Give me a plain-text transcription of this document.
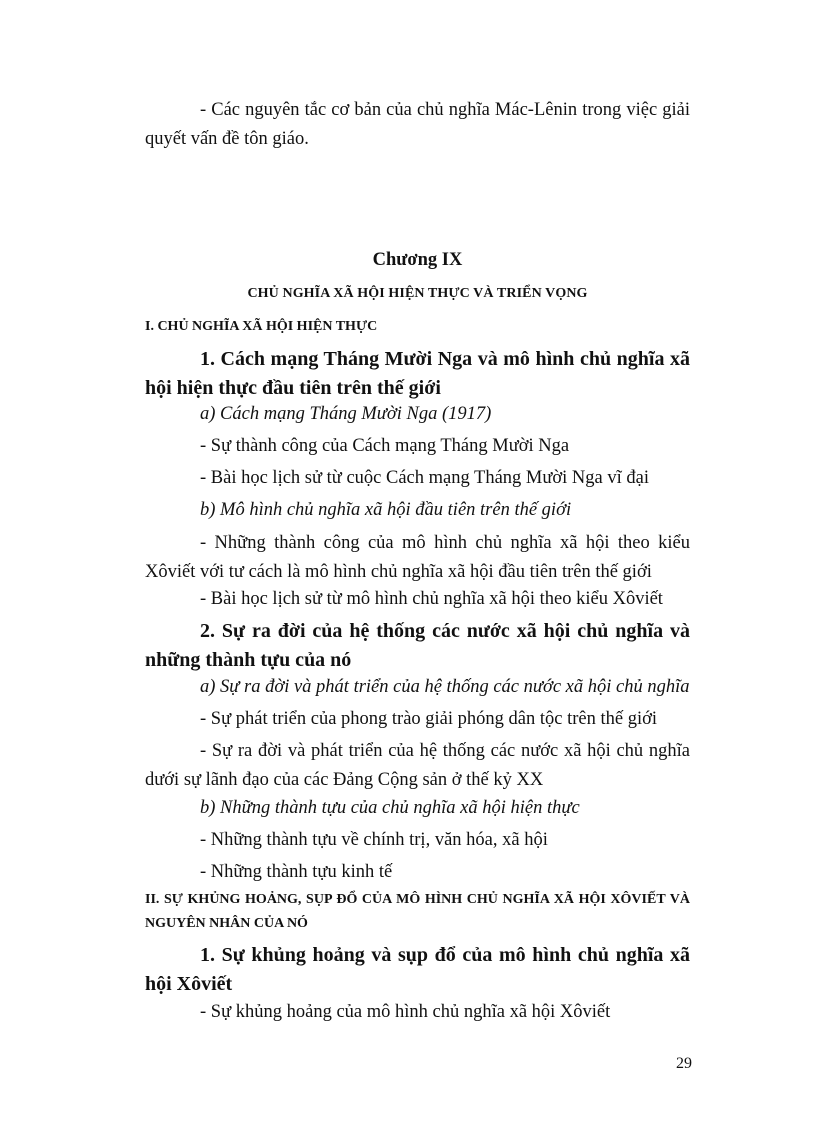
- Các nguyên tắc cơ bản của chủ nghĩa Mác-Lênin trong việc giải quyết vấn đề tôn giáo.
Chương IX
CHỦ NGHĨA XÃ HỘI HIỆN THỰC VÀ TRIỂN VỌNG
I. CHỦ NGHĨA XÃ HỘI HIỆN THỰC
1. Cách mạng Tháng Mười Nga và mô hình chủ nghĩa xã hội hiện thực đầu tiên trên thế giới
a) Cách mạng Tháng Mười Nga (1917)
- Sự thành công của Cách mạng Tháng Mười Nga
- Bài học lịch sử từ cuộc Cách mạng Tháng Mười Nga vĩ đại
b) Mô hình chủ nghĩa xã hội đầu tiên trên thế giới
- Những thành công của mô hình chủ nghĩa xã hội theo kiểu Xôviết với tư cách là mô hình chủ nghĩa xã hội đầu tiên trên thế giới
- Bài học lịch sử từ mô hình chủ nghĩa xã hội theo kiểu Xôviết
2. Sự ra đời của hệ thống các nước xã hội chủ nghĩa và những thành tựu của nó
a) Sự ra đời và phát triển của hệ thống các nước xã hội chủ nghĩa
- Sự phát triển của phong trào giải phóng dân tộc trên thế giới
- Sự ra đời và phát triển của hệ thống các nước xã hội chủ nghĩa dưới sự lãnh đạo của các Đảng Cộng sản ở thế kỷ XX
b) Những thành tựu của chủ nghĩa xã hội hiện thực
- Những thành tựu về chính trị, văn hóa, xã hội
- Những thành tựu kinh tế
II. SỰ KHỦNG HOẢNG, SỤP ĐỔ CỦA MÔ HÌNH CHỦ NGHĨA XÃ HỘI XÔVIẾT VÀ NGUYÊN NHÂN CỦA NÓ
1. Sự khủng hoảng và sụp đổ của mô hình chủ nghĩa xã hội Xôviết
- Sự khủng hoảng của mô hình chủ nghĩa xã hội Xôviết
29
